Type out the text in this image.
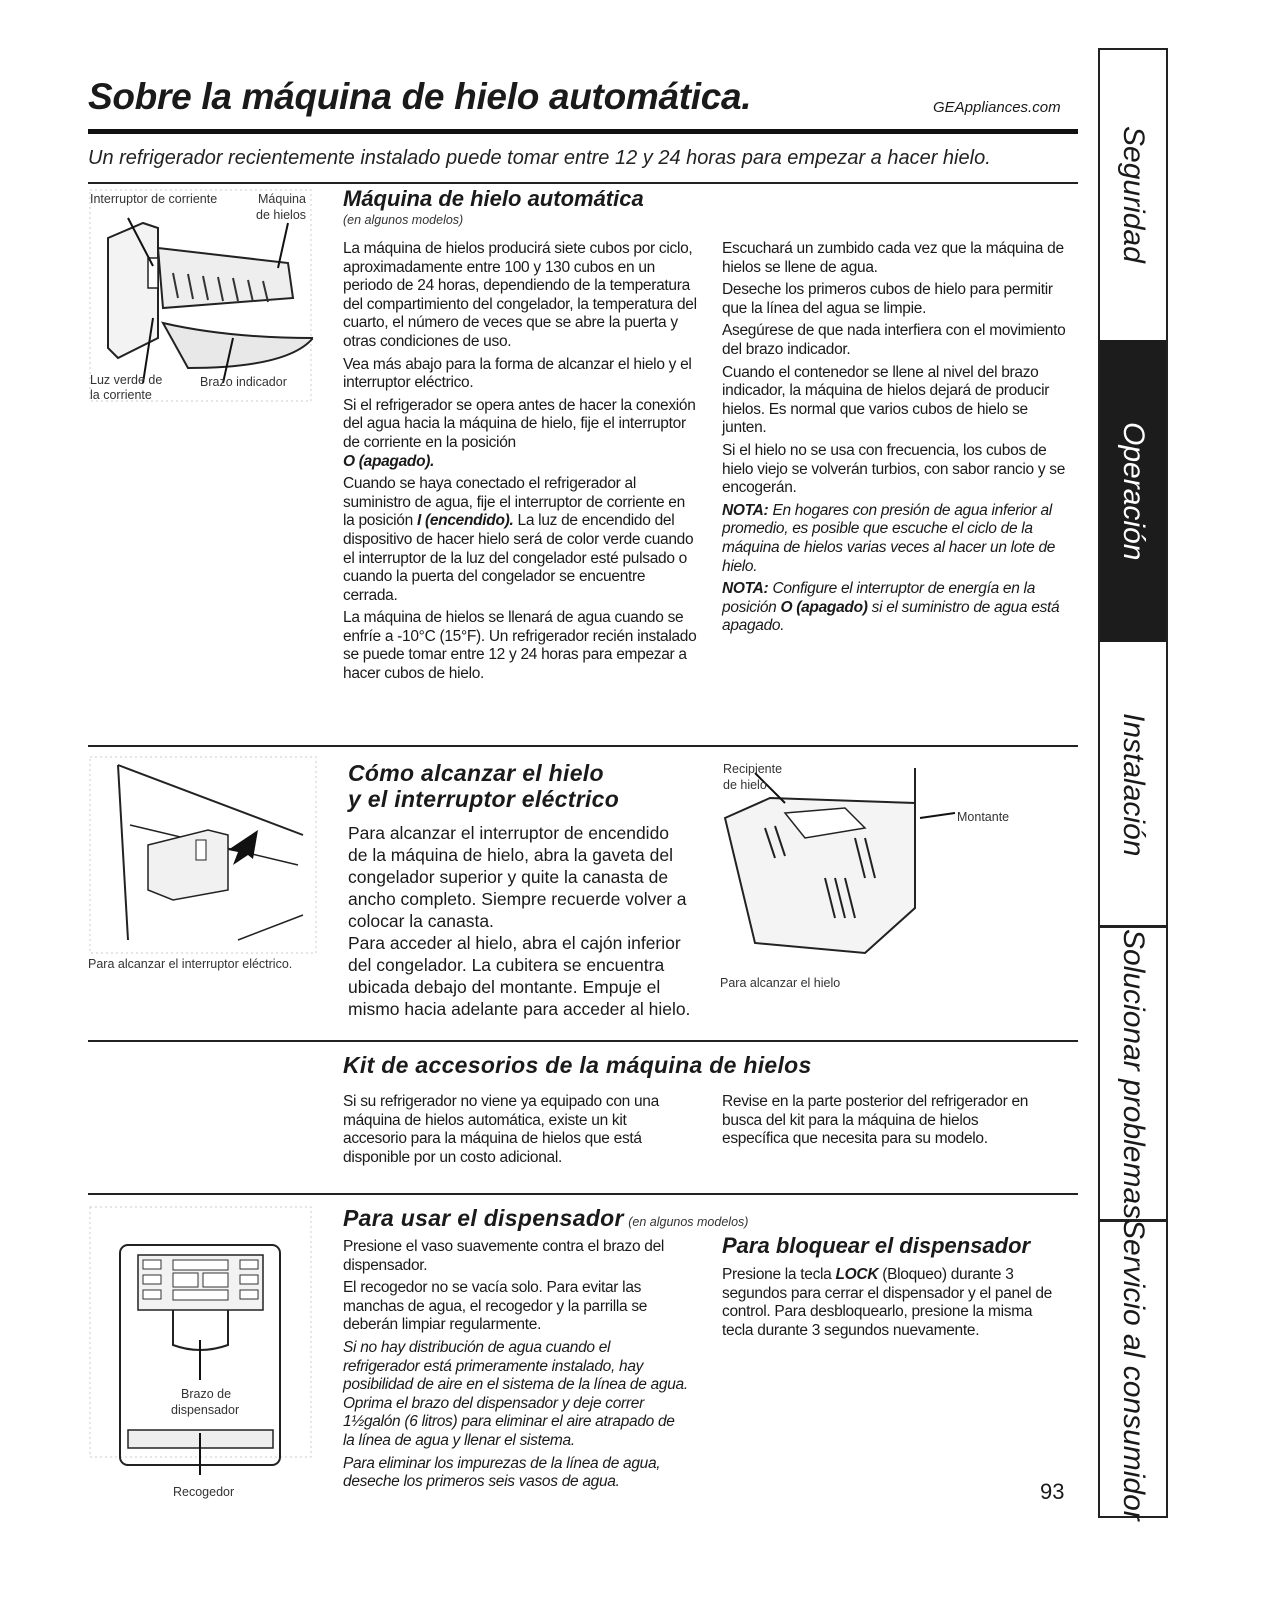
Sobre la máquina de hielo automática.	GEAppliances.com
Un refrigerador recientemente instalado puede tomar entre 12 y 24 horas para empezar a hacer hielo.
Interruptor de corriente	Máquina
de hielos
Luz verde de
la corriente
Brazo indicador
Máquina de hielo automática
(en algunos modelos)

La máquina de hielos producirá siete cubos por ciclo, aproximadamente entre 100 y 130 cubos en un periodo de 24 horas, dependiendo de la temperatura del compartimiento del congelador, la temperatura del cuarto, el número de veces que se abre la puerta y otras condiciones de uso.

Vea más abajo para la forma de alcanzar el hielo y el interruptor eléctrico.

Si el refrigerador se opera antes de hacer la conexión del agua hacia la máquina de hielo, fije el interruptor de corriente en la posición
O (apagado).

Cuando se haya conectado el refrigerador al suministro de agua, fije el interruptor de corriente en la posición I (encendido). La luz de encendido del dispositivo de hacer hielo será de color verde cuando el interruptor de la luz del congelador esté pulsado o cuando la puerta del congelador se encuentre cerrada.

La máquina de hielos se llenará de agua cuando se enfríe a -10°C (15°F). Un refrigerador recién instalado se puede tomar entre 12 y 24 horas para empezar a hacer cubos de hielo.

Escuchará un zumbido cada vez que la máquina de hielos se llene de agua.

Deseche los primeros cubos de hielo para permitir que la línea del agua se limpie.

Asegúrese de que nada interfiera con el movimiento del brazo indicador.

Cuando el contenedor se llene al nivel del brazo indicador, la máquina de hielos dejará de producir hielos. Es normal que varios cubos de hielo se junten.

Si el hielo no se usa con frecuencia, los cubos de hielo viejo se volverán turbios, con sabor rancio y se encogerán.

NOTA: En hogares con presión de agua inferior al promedio, es posible que escuche el ciclo de la máquina de hielos varias veces al hacer un lote de hielo.

NOTA: Configure el interruptor de energía en la posición O (apagado) si el suministro de agua está apagado.

Para alcanzar el interruptor eléctrico.
Cómo alcanzar el hielo
y el interruptor eléctrico

Para alcanzar el interruptor de encendido de la máquina de hielo, abra la gaveta del congelador superior y quite la canasta de ancho completo. Siempre recuerde volver a colocar la canasta.

Para acceder al hielo, abra el cajón inferior del congelador. La cubitera se encuentra ubicada debajo del montante. Empuje el mismo hacia adelante para acceder al hielo.

Recipiente
de hielo
Montante
Para alcanzar el hielo
Kit de accesorios de la máquina de hielos

Si su refrigerador no viene ya equipado con una máquina de hielos automática, existe un kit accesorio para la máquina de hielos que está disponible por un costo adicional.

Revise en la parte posterior del refrigerador en busca del kit para la máquina de hielos específica que necesita para su modelo.

Brazo de
dispensador
Recogedor
Para usar el dispensador (en algunos modelos)

Presione el vaso suavemente contra el brazo del dispensador.

El recogedor no se vacía solo. Para evitar las manchas de agua, el recogedor y la parrilla se deberán limpiar regularmente.

Si no hay distribución de agua cuando el refrigerador está primeramente instalado, hay posibilidad de aire en el sistema de la línea de agua. Oprima el brazo del dispensador y deje correr 1½galón (6 litros) para eliminar el aire atrapado de la línea de agua y llenar el sistema.

Para eliminar los impurezas de la línea de agua, deseche los primeros seis vasos de agua.

Para bloquear el dispensador

Presione la tecla LOCK (Bloqueo) durante 3 segundos para cerrar el dispensador y el panel de control. Para desbloquearlo, presione la misma tecla durante 3 segundos nuevamente.

93
Seguridad
Operación
Instalación
Solucionar problemas
Servicio al consumidor
